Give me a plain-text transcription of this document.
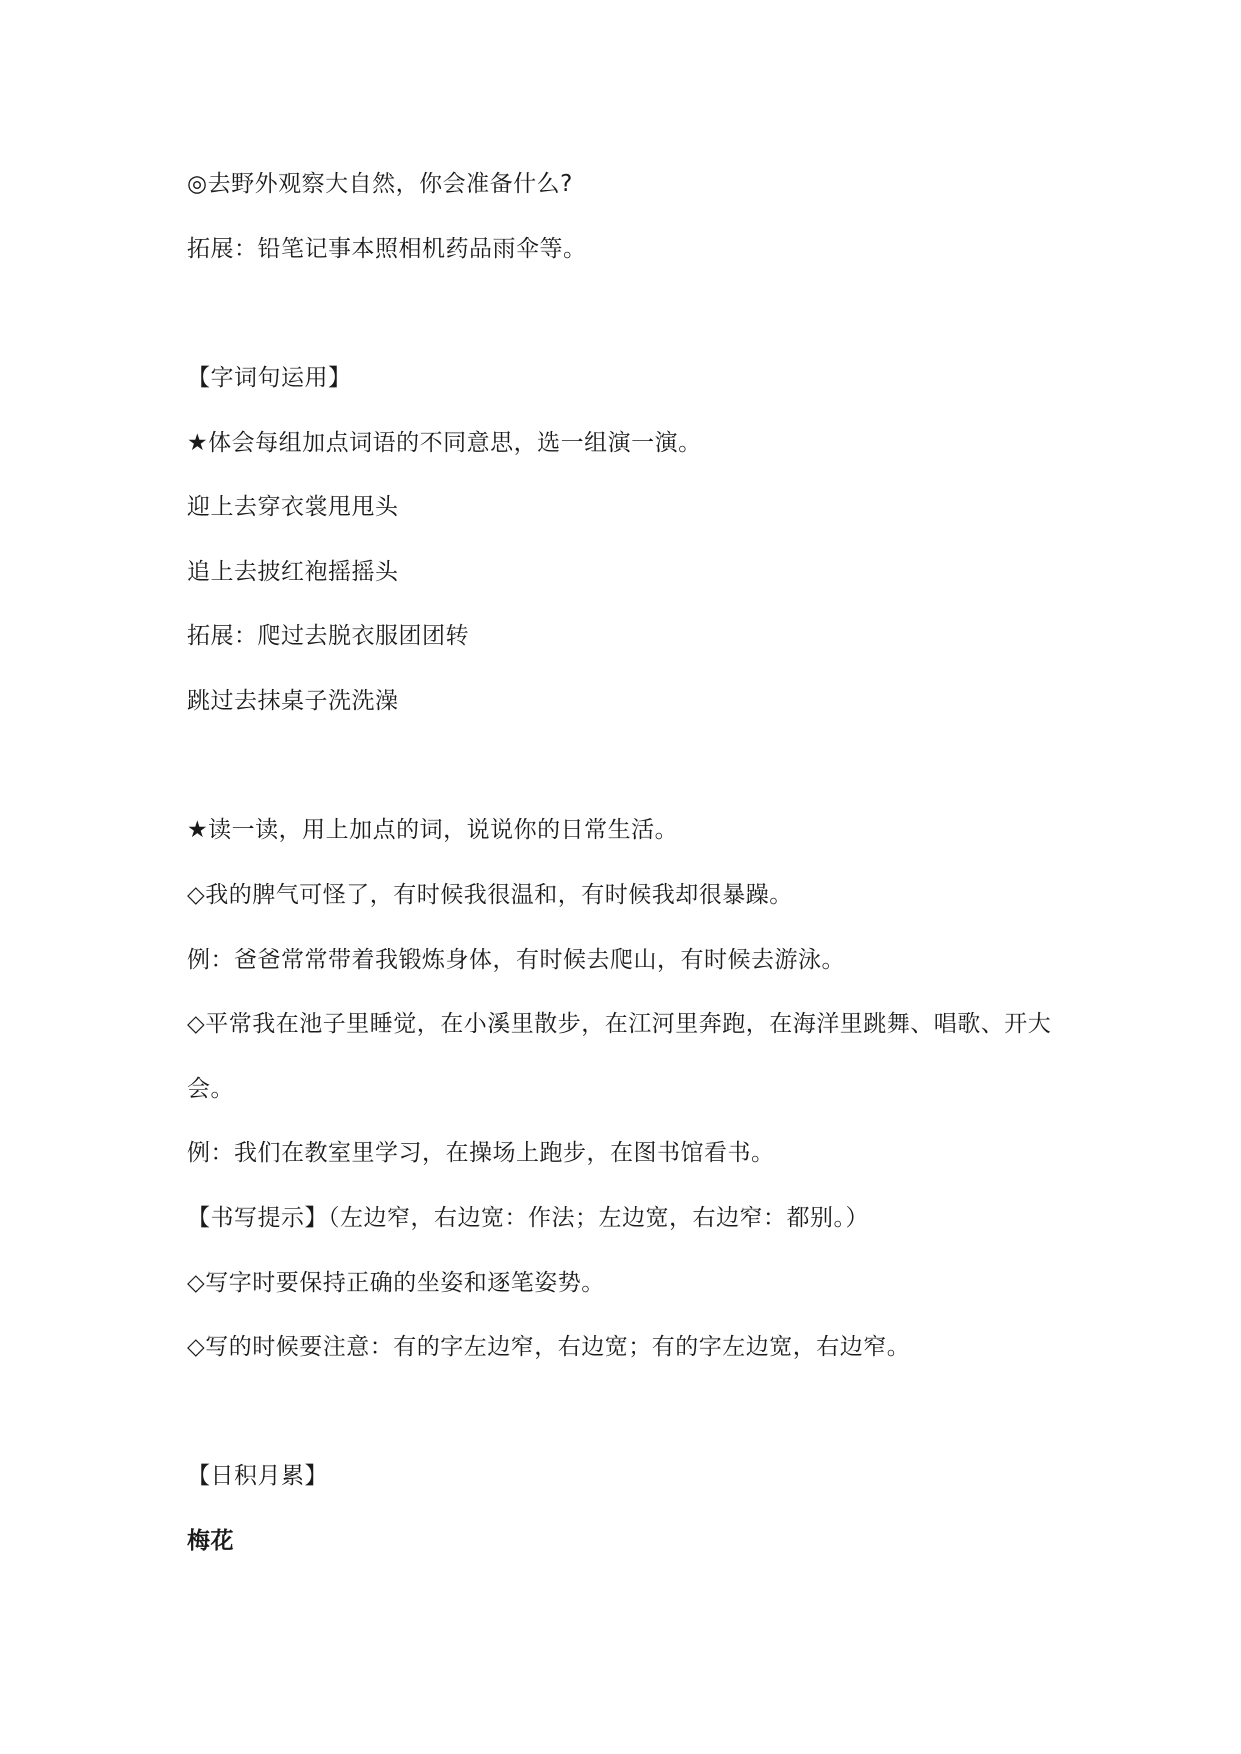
◎去野外观察大自然，你会准备什么?
拓展：铅笔记事本照相机药品雨伞等。
【字词句运用】
★体会每组加点词语的不同意思，选一组演一演。
迎上去穿衣裳甩甩头
追上去披红袍摇摇头
拓展：爬过去脱衣服团团转
跳过去抹桌子洗洗澡
★读一读，用上加点的词，说说你的日常生活。
◇我的脾气可怪了，有时候我很温和，有时候我却很暴躁。
例：爸爸常常带着我锻炼身体，有时候去爬山，有时候去游泳。
◇平常我在池子里睡觉，在小溪里散步，在江河里奔跑，在海洋里跳舞、唱歌、开大
会。
例：我们在教室里学习，在操场上跑步，在图书馆看书。
【书写提示】（左边窄，右边宽：作法；左边宽，右边窄：都别。）
◇写字时要保持正确的坐姿和逐笔姿势。
◇写的时候要注意：有的字左边窄，右边宽；有的字左边宽，右边窄。
【日积月累】
梅花
